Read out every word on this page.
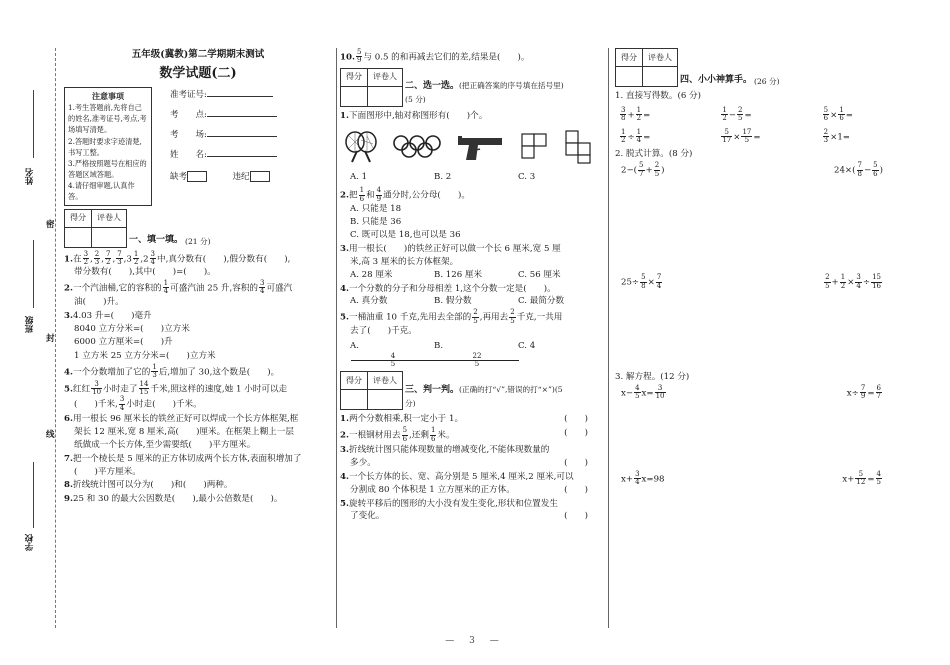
姓名
班级
学校
密
封
线
五年级(冀教)第二学期期末测试
数学试题(二)
注意事项
1.考生答题前,先将自己的姓名,准考证号,考点,考场填写清楚。
2.答题时要求字迹清楚,书写工整。
3.严格按照题号在相应的答题区域答题。
4.请仔细审题,认真作答。
准考证号:
考　　点:
考　　场:
姓　　名:
缺考　　　	违纪
得分	评卷人

一、填一填。 (21 分)
1.在 $\frac{3}{2}$ , $\frac{2}{3}$ , $\frac{7}{2}$ , $\frac{7}{3} ,3 \frac{1}{2} ,2 \frac{3}{4}$ 中,真分数有(　　),假分数有(　　),
带分数有(　　),其中(　　)=(　　)。
2.一个汽油桶,它的容积的 $\frac{1}{4}$ 可盛汽油 25 升,容积的 $\frac{3}{4}$ 可盛汽
油(　　)升。
3.4.03 升=(　　)毫升
8040 立方分米=(　　)立方米
6000 立方厘米=(　　)升
1 立方米 25 立方分米=(　　)立方米
4.一个分数增加了它的 $\frac{1}{3}$ 后,增加了 30,这个数是(　　)。
5.红红 $\frac{3}{10}$ 小时走了 $\frac{14}{15}$ 千米,照这样的速度,她 1 小时可以走
(　　)千米, $\frac{3}{4}$ 小时走(　　)千米。
6.用一根长 96 厘米长的铁丝正好可以焊成一个长方体框架,框
架长 12 厘米,宽 8 厘米,高(　　)厘米。在框架上糊上一层
纸做成一个长方体,至少需要纸(　　)平方厘米。
7.把一个棱长是 5 厘米的正方体切成两个长方体,表面积增加了
(　　)平方厘米。
8.折线统计图可以分为(　　)和(　　)两种。
9.25 和 30 的最大公因数是(　　),最小公倍数是(　　)。
10. $\frac{5}{9}$ 与 0.5 的和再减去它们的差,结果是(　　)。
得分	评卷人

二、选一选。(把正确答案的序号填在括号里)(5 分)
1.下面图形中,轴对称图形有(　　)个。
A. 1	B. 2	C. 3
2.把 $\frac{1}{6}$ 和 $\frac{4}{9}$ 通分时,公分母(　　)。
A. 只能是 18
B. 只能是 36
C. 既可以是 18,也可以是 36
3.用一根长(　　)的铁丝正好可以做一个长 6 厘米,宽 5 厘
米,高 3 厘米的长方体框架。
A. 28 厘米	B. 126 厘米	C. 56 厘米
4.一个分数的分子和分母相差 1,这个分数一定是(　　)。
A. 真分数	B. 假分数	C. 最简分数
5.一桶油重 10 千克,先用去全部的 $\frac{2}{5}$ ,再用去 $\frac{2}{5}$ 千克,一共用
去了(　　)千克。
A.
$\frac{4}{5}$
B.
$\frac{22}{5}$
C. 4
得分	评卷人

三、判一判。(正确的打“√”,错误的打“×”)(5 分)
1.两个分数相乘,积一定小于 1。	(　　)
2.一根钢材用去 $\frac{5}{6}$ ,还剩 $\frac{1}{6}$ 米。	(　　)
3.折线统计图只能体现数量的增减变化,不能体现数量的
多少。	(　　)
4.一个长方体的长、宽、高分别是 5 厘米,4 厘米,2 厘米,可以
分割成 80 个体积是 1 立方厘米的正方体。	(　　)
5.旋转平移后的图形的大小没有发生变化,形状和位置发生
了变化。	(　　)
得分	评卷人

四、小小神算手。 (26 分)
1. 直接写得数。(6 分)
$\frac{3}{8} + \frac{1}{2}$ =	$\frac{1}{2} - \frac{2}{5}$ =	$\frac{5}{6} \times \frac{1}{6}$ =
$\frac{1}{2} \div \frac{1}{4}$ =	$\frac{5}{17} \times \frac{17}{5}$ =	$\frac{2}{3} \times 1=$
2. 脱式计算。(8 分)
$2-( \frac{5}{7} + \frac{2}{5}$ )	$24\times( \frac{7}{8} - \frac{5}{6}$ )
$25\div \frac{5}{8} \times \frac{7}{4}$	$\frac{2}{5} + \frac{1}{2} \times \frac{3}{4} \div \frac{15}{16}$
3. 解方程。(12 分)
$x- \frac{4}{5} x= \frac{3}{10}$	$x\div \frac{7}{9} = \frac{6}{7}$
$x+ \frac{3}{4} x=98$	$x+ \frac{5}{12} = \frac{4}{5}$
— 3 —
